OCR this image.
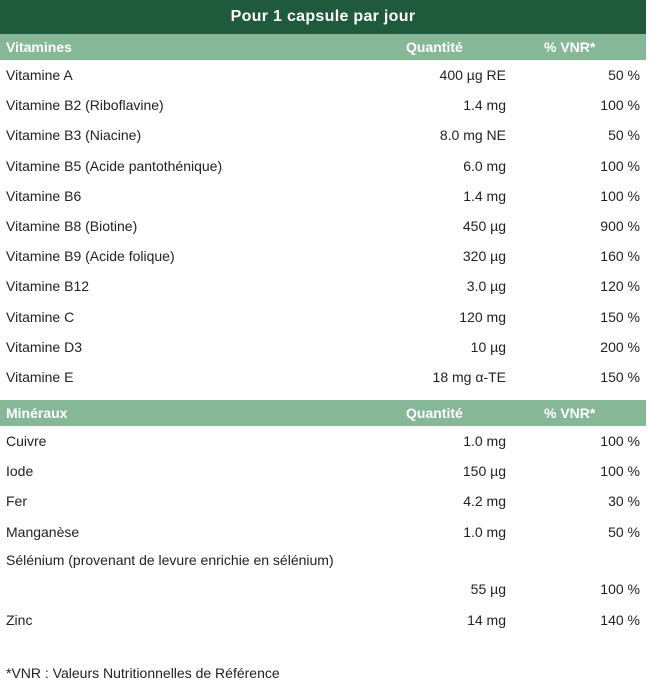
Pour 1 capsule par jour
Vitamines	Quantité	% VNR*
Vitamine A	400 µg RE	50 %
Vitamine B2 (Riboflavine)	1.4 mg	100 %
Vitamine B3 (Niacine)	8.0 mg NE	50 %
Vitamine B5 (Acide pantothénique)	6.0 mg	100 %
Vitamine B6	1.4 mg	100 %
Vitamine B8 (Biotine)	450 µg	900 %
Vitamine B9 (Acide folique)	320 µg	160 %
Vitamine B12	3.0 µg	120 %
Vitamine C	120 mg	150 %
Vitamine D3	10 µg	200 %
Vitamine E	18 mg α-TE	150 %
Minéraux	Quantité	% VNR*
Cuivre	1.0 mg	100 %
Iode	150 µg	100 %
Fer	4.2 mg	30 %
Manganèse	1.0 mg	50 %
Sélénium (provenant de levure enrichie en sélénium)
55 µg	100 %
Zinc	14 mg	140 %
*VNR : Valeurs Nutritionnelles de Référence
